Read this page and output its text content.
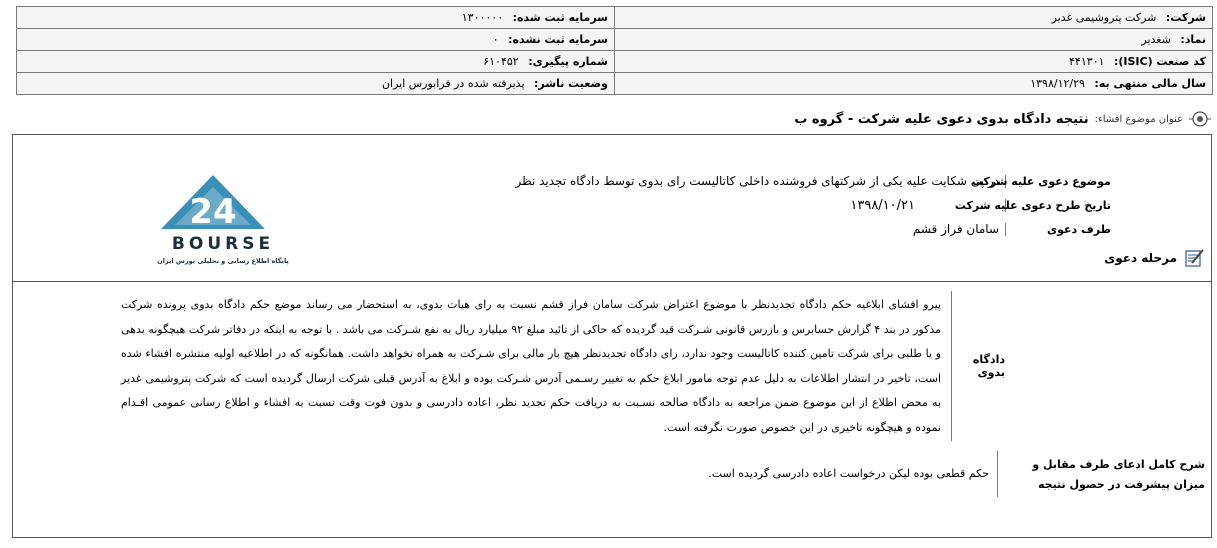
شرکت: شرکت پتروشیمی غدیر	سرمایه ثبت شده: ۱۳۰۰۰۰۰
نماد: شغدیر	سرمایه ثبت نشده: ۰
کد صنعت (ISIC): ۴۴۱۳۰۱	شماره پیگیری: ۶۱۰۴۵۲
سال مالی منتهی به: ۱۳۹۸/۱۲/۲۹	وضعیت ناشر: پذیرفته شده در فرابورس ایران
عنوان موضوع افشاء:
نتیجه دادگاه بدوی دعوی علیه شرکت - گروه ب
24
BOURSE
پایگاه اطلاع رسانی و تحلیلی بورس ایران
موضوع دعوی علیه شرکت
در پی شکایت علیه یکی از شرکتهای فروشنده داخلی کاتالیست رای بدوی توسط دادگاه تجدید نظر
تاریخ طرح دعوی علیه شرکت
۱۳۹۸/۱۰/۲۱
طرف دعوی
سامان فراز قشم
مرحله دعوی
دادگاه بدوی
پیرو افشای ابلاغیه حکم دادگاه تجدیدنظر با موضوع اعتراض شرکت سامان فراز قشم نسبت به رای هیات بدوی، به استحضار می رساند موضع حکم دادگاه بدوی پرونده شرکت مذکور در بند ۴ گزارش حسابرس و بازرس قانونی شـرکت قید گردیده که حاکی از تائید مبلغ ۹۲ میلیارد ریال به نفع شـرکت می باشد . با توجه به اینکه در دفاتر شرکت هیچگونه بدهی و یا طلبی برای شرکت تامین کننده کاتالیست وجود ندارد، رای دادگاه تجدیدنظر هیچ بار مالی برای شـرکت به همراه نخواهد داشت. همانگونه که در اطلاعیه اولیه منتشره افشاء شده است، تاخیر در انتشار اطلاعات به دلیل عدم توجه مامور ابلاغ حکم به تغییر رسـمی آدرس شـرکت بوده و ابلاغ به آدرس قبلی شرکت ارسال گردیده است که شرکت پتروشیمی غدیر به محض اطلاع از این موضوع ضمن مراجعه به دادگاه صالحه نسـبت به دریافت حکم تجدید نظر، اعاده دادرسی و بدون فوت وقت نسبت به افشاء و اطلاع رسانی عمومی اقـدام نموده و هیچگونه تاخیری در این خصوص صورت نگرفته است.
شرح کامل ادعای طرف مقابل و میزان پیشرفت در حصول نتیجه
حکم قطعی بوده لیکن درخواست اعاده دادرسی گردیده است.
